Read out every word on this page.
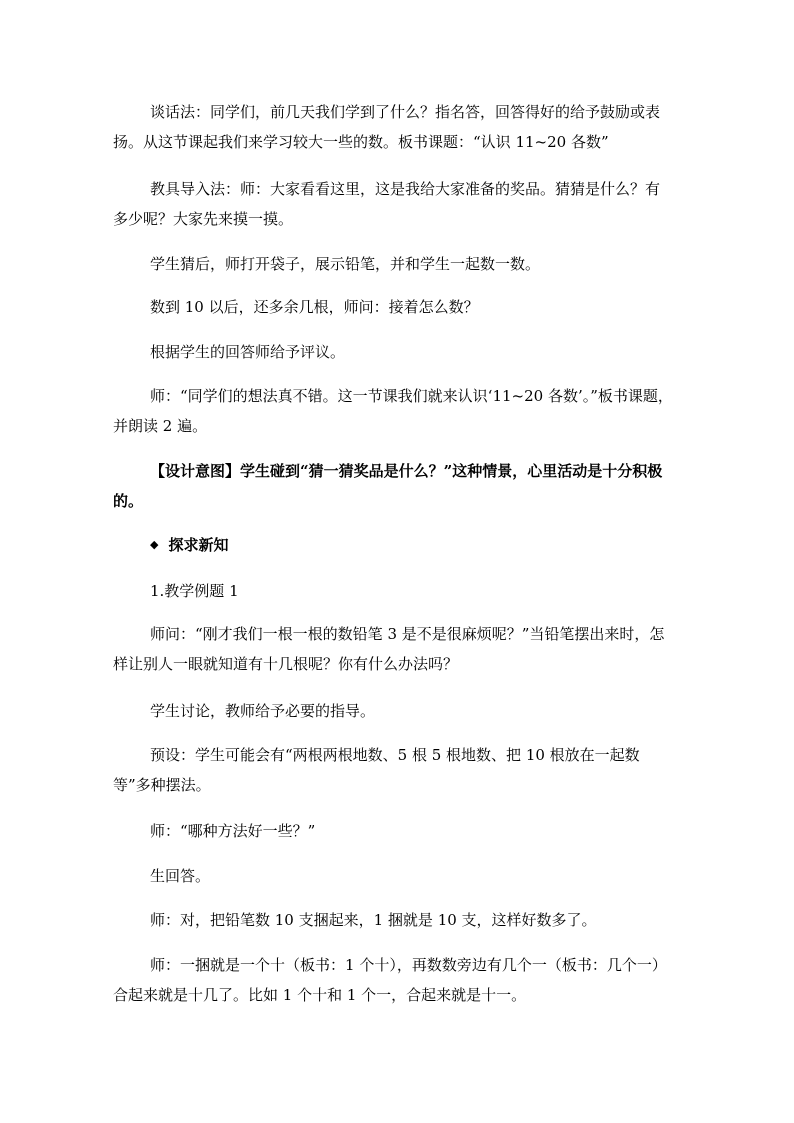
谈话法：同学们，前几天我们学到了什么？指名答，回答得好的给予鼓励或表扬。从这节课起我们来学习较大一些的数。板书课题：“认识 11~20 各数”

教具导入法：师：大家看看这里，这是我给大家准备的奖品。猜猜是什么？有多少呢？大家先来摸一摸。

学生猜后，师打开袋子，展示铅笔，并和学生一起数一数。

数到 10 以后，还多余几根，师问：接着怎么数？

根据学生的回答师给予评议。

师：“同学们的想法真不错。这一节课我们就来认识‘11~20 各数’。”板书课题，并朗读 2 遍。

【设计意图】学生碰到“猜一猜奖品是什么？”这种情景，心里活动是十分积极的。

◆ 探求新知

1.教学例题 1

师问：“刚才我们一根一根的数铅笔 3 是不是很麻烦呢？”当铅笔摆出来时，怎样让别人一眼就知道有十几根呢？你有什么办法吗？

学生讨论，教师给予必要的指导。

预设：学生可能会有“两根两根地数、5 根 5 根地数、把 10 根放在一起数等”多种摆法。

师：“哪种方法好一些？”

生回答。

师：对，把铅笔数 10 支捆起来，1 捆就是 10 支，这样好数多了。

师：一捆就是一个十（板书：1 个十），再数数旁边有几个一（板书：几个一）合起来就是十几了。比如 1 个十和 1 个一，合起来就是十一。
